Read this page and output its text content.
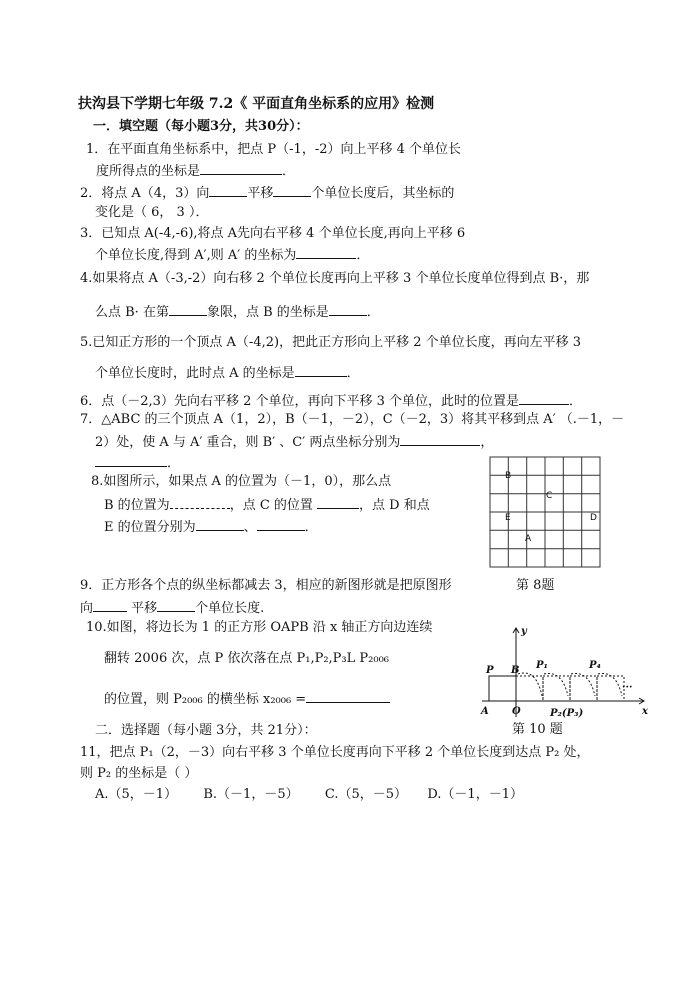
扶沟县下学期七年级 7.2《 平面直角坐标系的应用》检测
一．填空题（每小题3分，共30分）：
1．在平面直角坐标系中，把点 P（-1，-2）向上平移 4 个单位长
度所得点的坐标是	．
2．将点 A（4，3）向	平移	个单位长度后，其坐标的
变化是（ 6， 3 ）．
3．已知点 A(-4,-6),将点 A先向右平移 4 个单位长度,再向上平移 6
个单位长度,得到 A′,则 A′ 的坐标为	．
4.如果将点 A（-3,-2）向右移 2 个单位长度再向上平移 3 个单位长度单位得到点 B·，那
么点 B· 在第	象限，点 B 的坐标是	．
5.已知正方形的一个顶点 A（-4,2)，把此正方形向上平移 2 个单位长度，再向左平移 3
个单位长度时，此时点 A 的坐标是	．
6．点（－2,3）先向右平移 2 个单位，再向下平移 3 个单位，此时的位置是	．
7．△ABC 的三个顶点 A（1，2），B（－1，－2），C（－2，3）将其平移到点 A′ （.－1，－
2）处，使 A 与 A′ 重合，则 B′ 、C′ 两点坐标分别为	，
．
8.如图所示，如果点 A 的位置为（－1，0），那么点
B 的位置为	，点 C 的位置	，点 D 和点
E 的位置分别为	、	．
B
C
E	D
A
第 8题
9．正方形各个点的纵坐标都减去 3，相应的新图形就是把原图形
向	平移	个单位长度.
10.如图，将边长为 1 的正方形 OAPB 沿 x 轴正方向边连续
翻转 2006 次，点 P 依次落在点 P₁,P₂,P₃L P₂₀₀₆
的位置，则 P₂₀₀₆ 的横坐标 x₂₀₀₆ =
y
x
P B P₁	P₄
A O	P₂(P₃)
···
第 10 题
二．选择题（每小题 3分，共 21分）：
11，把点 P₁（2，－3）向右平移 3 个单位长度再向下平移 2 个单位长度到达点 P₂ 处，
则 P₂ 的坐标是（ ）
A.（5，－1） B.（－1，－5） C.（5，－5） D.（－1，－1）
